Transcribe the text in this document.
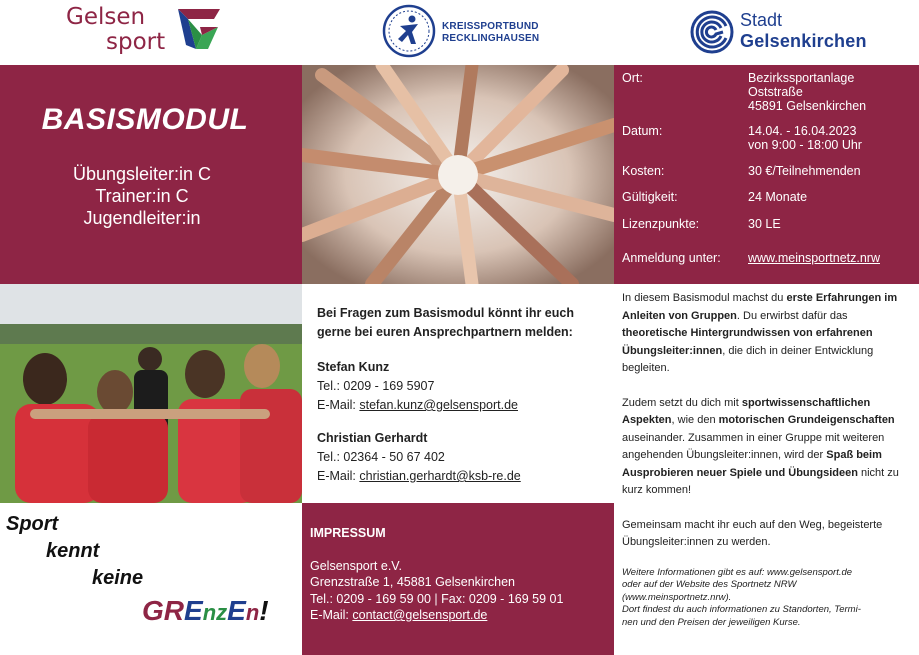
Gelsen
sport
KREISSPORTBUND
RECKLINGHAUSEN
Stadt
Gelsenkirchen
BASISMODUL
Übungsleiter:in C
Trainer:in C
Jugendleiter:in
Ort:	Bezirkssportanlage
Oststraße
45891 Gelsenkirchen
Datum:	14.04. - 16.04.2023
von 9:00 - 18:00 Uhr
Kosten:	30 €/Teilnehmenden
Gültigkeit:	24 Monate
Lizenzpunkte:	30 LE
Anmeldung unter: www.meinsportnetz.nrw
Bei Fragen zum Basismodul könnt ihr euch
gerne bei euren Ansprechpartnern melden:
Stefan Kunz
Tel.: 0209 - 169 5907
E-Mail: stefan.kunz@gelsensport.de
Christian Gerhardt
Tel.: 02364 - 50 67 402
E-Mail: christian.gerhardt@ksb-re.de

In diesem Basismodul machst du erste Erfahrungen im Anleiten von Gruppen. Du erwirbst dafür das theoretische Hintergrundwissen von erfahrenen Übungsleiter:innen, die dich in deiner Entwicklung begleiten.

Zudem setzt du dich mit sportwissenschaftlichen Aspekten, wie den motorischen Grundeigenschaften auseinander. Zusammen in einer Gruppe mit weiteren angehenden Übungsleiter:innen, wird der Spaß beim Ausprobieren neuer Spiele und Übungsideen nicht zu kurz kommen!

Gemeinsam macht ihr euch auf den Weg, begeisterte Übungsleiter:innen zu werden.

Weitere Informationen gibt es auf: www.gelsensport.de
oder auf der Website des Sportnetz NRW
(www.meinsportnetz.nrw).
Dort findest du auch informationen zu Standorten, Termi-
nen und den Preisen der jeweiligen Kurse.
Sport
kennt
keine
GREnzEn!
IMPRESSUM
Gelsensport e.V.
Grenzstraße 1, 45881 Gelsenkirchen
Tel.: 0209 - 169 59 00 | Fax: 0209 - 169 59 01
E-Mail: contact@gelsensport.de
